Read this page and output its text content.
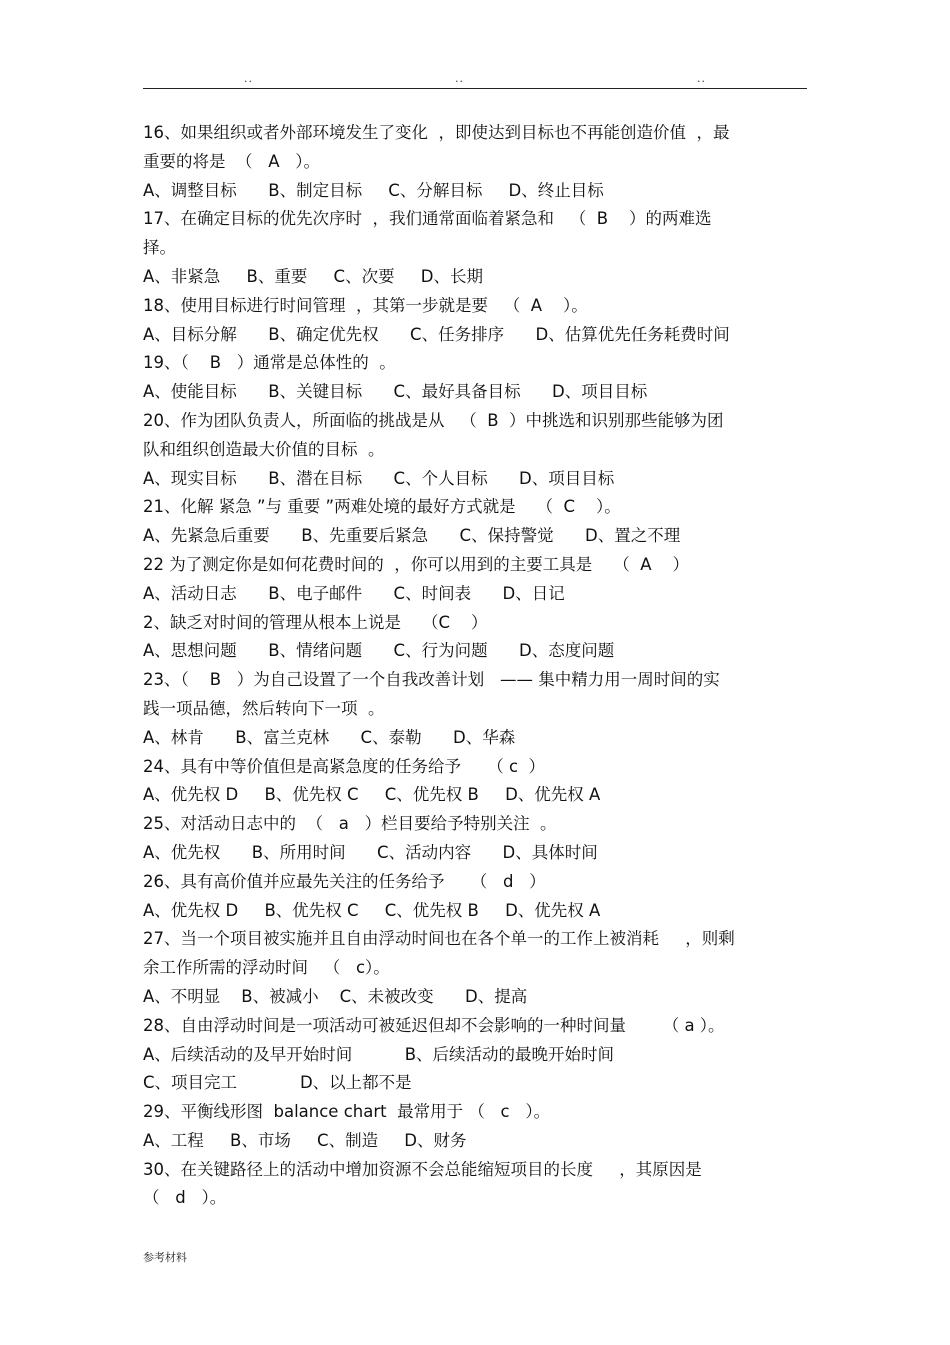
..	..	..
16、如果组织或者外部环境发生了变化  ，即使达到目标也不再能创造价值  ，最
重要的将是  （   A   ）。
A、调整目标      B、制定目标     C、分解目标     D、终止目标
17、在确定目标的优先次序时  ，我们通常面临着紧急和   （  B    ）的两难选
择。
A、非紧急     B、重要     C、次要     D、长期
18、使用目标进行时间管理  ，其第一步就是要   （  A    ）。
A、目标分解      B、确定优先权      C、任务排序      D、估算优先任务耗费时间
19、（    B   ）通常是总体性的  。
A、使能目标      B、关键目标      C、最好具备目标      D、项目目标
20、作为团队负责人，所面临的挑战是从   （  B  ）中挑选和识别那些能够为团
队和组织创造最大价值的目标  。
A、现实目标      B、潜在目标      C、个人目标      D、项目目标
21、化解 紧急 ”与 重要 ”两难处境的最好方式就是    （  C    ）。
A、先紧急后重要      B、先重要后紧急      C、保持警觉      D、置之不理
22 为了测定你是如何花费时间的  ，你可以用到的主要工具是    （  A    ）
A、活动日志      B、电子邮件      C、时间表      D、日记
2、缺乏对时间的管理从根本上说是    （C    ）
A、思想问题      B、情绪问题      C、行为问题      D、态度问题
23、（    B   ）为自己设置了一个自我改善计划   —— 集中精力用一周时间的实
践一项品德，然后转向下一项  。
A、林肯      B、富兰克林      C、泰勒      D、华森
24、具有中等价值但是高紧急度的任务给予     （ c  ）
A、优先权 D     B、优先权 C     C、优先权 B     D、优先权 A
25、对活动日志中的  （   a   ）栏目要给予特别关注  。
A、优先权      B、所用时间      C、活动内容      D、具体时间
26、具有高价值并应最先关注的任务给予     （   d   ）
A、优先权 D     B、优先权 C     C、优先权 B     D、优先权 A
27、当一个项目被实施并且自由浮动时间也在各个单一的工作上被消耗     ，则剩
余工作所需的浮动时间   （   c）。
A、不明显    B、被减小    C、未被改变      D、提高
28、自由浮动时间是一项活动可被延迟但却不会影响的一种时间量       （ a ）。
A、后续活动的及早开始时间          B、后续活动的最晚开始时间
C、项目完工            D、以上都不是
29、平衡线形图  balance chart  最常用于 （   c   ）。
A、工程     B、市场     C、制造     D、财务
30、在关键路径上的活动中增加资源不会总能缩短项目的长度     ，其原因是
（   d   ）。
参考材料
